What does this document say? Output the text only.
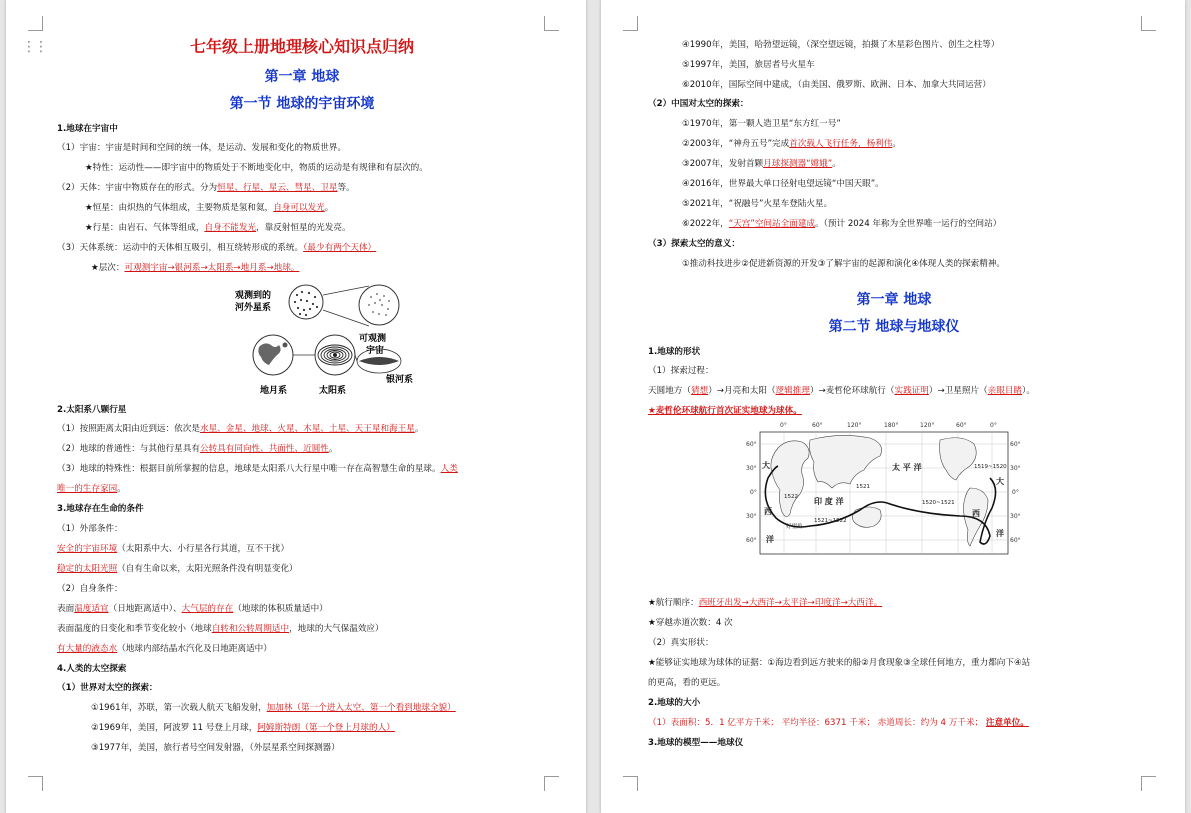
⋮⋮	七年级上册地理核心知识点归纳
第一章 地球
第一节 地球的宇宙环境
1.地球在宇宙中
（1）宇宙：宇宙是时间和空间的统一体，是运动、发展和变化的物质世界。
★特性：运动性——即宇宙中的物质处于不断地变化中，物质的运动是有规律和有层次的。
（2）天体：宇宙中物质存在的形式。分为恒星、行星、星云、彗星、卫星等。
★恒星：由炽热的气体组成，主要物质是氢和氦，自身可以发光。
★行星：由岩石、气体等组成，自身不能发光，靠反射恒星的光发亮。
（3）天体系统：运动中的天体相互吸引，相互绕转形成的系统。（最少有两个天体）
★层次：可观测宇宙→银河系→太阳系→地月系→地球。
观测到的
河外星系
可观测
宇宙
地月系	太阳系
银河系
2.太阳系八颗行星
（1）按照距离太阳由近到远：依次是水星、金星、地球、火星、木星、土星、天王星和海王星。
（2）地球的普通性：与其他行星具有公转具有同向性、共面性、近圆性。
（3）地球的特殊性：根据目前所掌握的信息，地球是太阳系八大行星中唯一存在高智慧生命的星球。人类
唯一的生存家园。
3.地球存在生命的条件
（1）外部条件：
安全的宇宙环境（太阳系中大、小行星各行其道，互不干扰）
稳定的太阳光照（自有生命以来，太阳光照条件没有明显变化）
（2）自身条件：
表面温度适宜（日地距离适中）、大气层的存在（地球的体积质量适中）
表面温度的日变化和季节变化较小（地球自转和公转周期适中，地球的大气保温效应）
有大量的液态水（地球内部结晶水汽化及日地距离适中）
4.人类的太空探索
（1）世界对太空的探索：
①1961年，苏联，第一次载人航天飞船发射，加加林（第一个进入太空、第一个看到地球全貌）
②1969年，美国，阿波罗 11 号登上月球，阿姆斯特朗（第一个登上月球的人）
③1977年，美国，旅行者号空间发射器，（外层星系空间探测器）
④1990年，美国，哈勃望远镜，（深空望远镜，拍摄了木星彩色图片、创生之柱等）
⑤1997年，美国，旅居者号火星车
⑥2010年，国际空间中建成，（由美国、俄罗斯、欧洲、日本、加拿大共同运营）
（2）中国对太空的探索：
①1970年，第一颗人造卫星“东方红一号”
②2003年，“神舟五号”完成首次载人飞行任务，杨利伟。
③2007年，发射首颗月球探测器“嫦娥”。
④2016年，世界最大单口径射电望远镜“中国天眼”。
⑤2021年，“祝融号”火星车登陆火星。
⑥2022年，“天宫”空间站全面建成。（预计 2024 年称为全世界唯一运行的空间站）
（3）探索太空的意义：
①推动科技进步②促进新资源的开发③了解宇宙的起源和演化④体现人类的探索精神。
第一章 地球
第二节 地球与地球仪
1.地球的形状
（1）探索过程：
天圆地方（猜想）→月亮和太阳（逻辑推理）→麦哲伦环球航行（实践证明）→卫星照片（亲眼目睹）。
★麦哲伦环球航行首次证实地球为球体。
0°	60°	120°	180°	120°	60°	0°
60°
30°
0°
30°
60°
60°
30°
0°
30°
60°
大
西
洋
太 平 洋
印 度 洋
大
西
洋
好望角
1522
1521
1521~1522
1520~1521
1519~1520
★航行顺序：西班牙出发→大西洋→太平洋→印度洋→大西洋。
★穿越赤道次数：4 次
（2）真实形状：
★能够证实地球为球体的证据：①海边看到远方驶来的船②月食现象③全球任何地方，重力都向下④站
的更高，看的更远。
2.地球的大小
（1）表面积：5．1 亿平方千米； 平均半径：6371 千米； 赤道周长：约为 4 万千米； 注意单位。
3.地球的模型——地球仪
